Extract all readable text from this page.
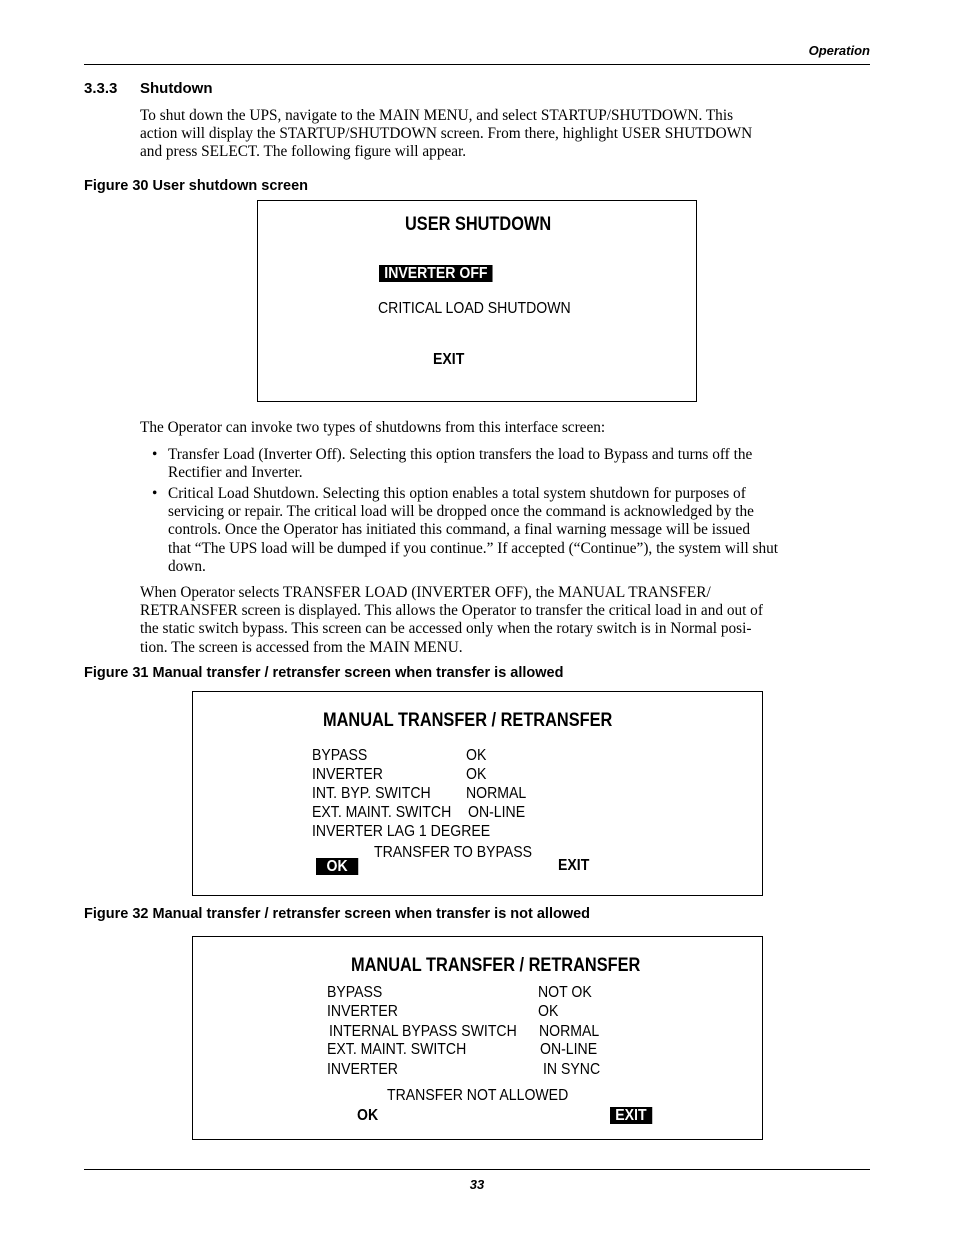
Operation
3.3.3 Shutdown
To shut down the UPS, navigate to the MAIN MENU, and select STARTUP/SHUTDOWN. This
action will display the STARTUP/SHUTDOWN screen. From there, highlight USER SHUTDOWN
and press SELECT. The following figure will appear.
Figure 30 User shutdown screen
USER SHUTDOWN
INVERTER OFF
CRITICAL LOAD SHUTDOWN
EXIT
The Operator can invoke two types of shutdowns from this interface screen:
• Transfer Load (Inverter Off). Selecting this option transfers the load to Bypass and turns off the
Rectifier and Inverter.
• Critical Load Shutdown. Selecting this option enables a total system shutdown for purposes of
servicing or repair. The critical load will be dropped once the command is acknowledged by the
controls. Once the Operator has initiated this command, a final warning message will be issued
that “The UPS load will be dumped if you continue.” If accepted (“Continue”), the system will shut
down.
When Operator selects TRANSFER LOAD (INVERTER OFF), the MANUAL TRANSFER/
RETRANSFER screen is displayed. This allows the Operator to transfer the critical load in and out of
the static switch bypass. This screen can be accessed only when the rotary switch is in Normal posi-
tion. The screen is accessed from the MAIN MENU.
Figure 31 Manual transfer / retransfer screen when transfer is allowed
MANUAL TRANSFER / RETRANSFER
BYPASS	OK
INVERTER	OK
INT. BYP. SWITCH NORMAL
EXT. MAINT. SWITCH ON-LINE
INVERTER LAG 1 DEGREE
TRANSFER TO BYPASS
OK	EXIT
Figure 32 Manual transfer / retransfer screen when transfer is not allowed
MANUAL TRANSFER / RETRANSFER
BYPASS	NOT OK
INVERTER	OK
INTERNAL BYPASS SWITCH NORMAL
EXT. MAINT. SWITCH	ON-LINE
INVERTER	IN SYNC
TRANSFER NOT ALLOWED
OK	EXIT
33
